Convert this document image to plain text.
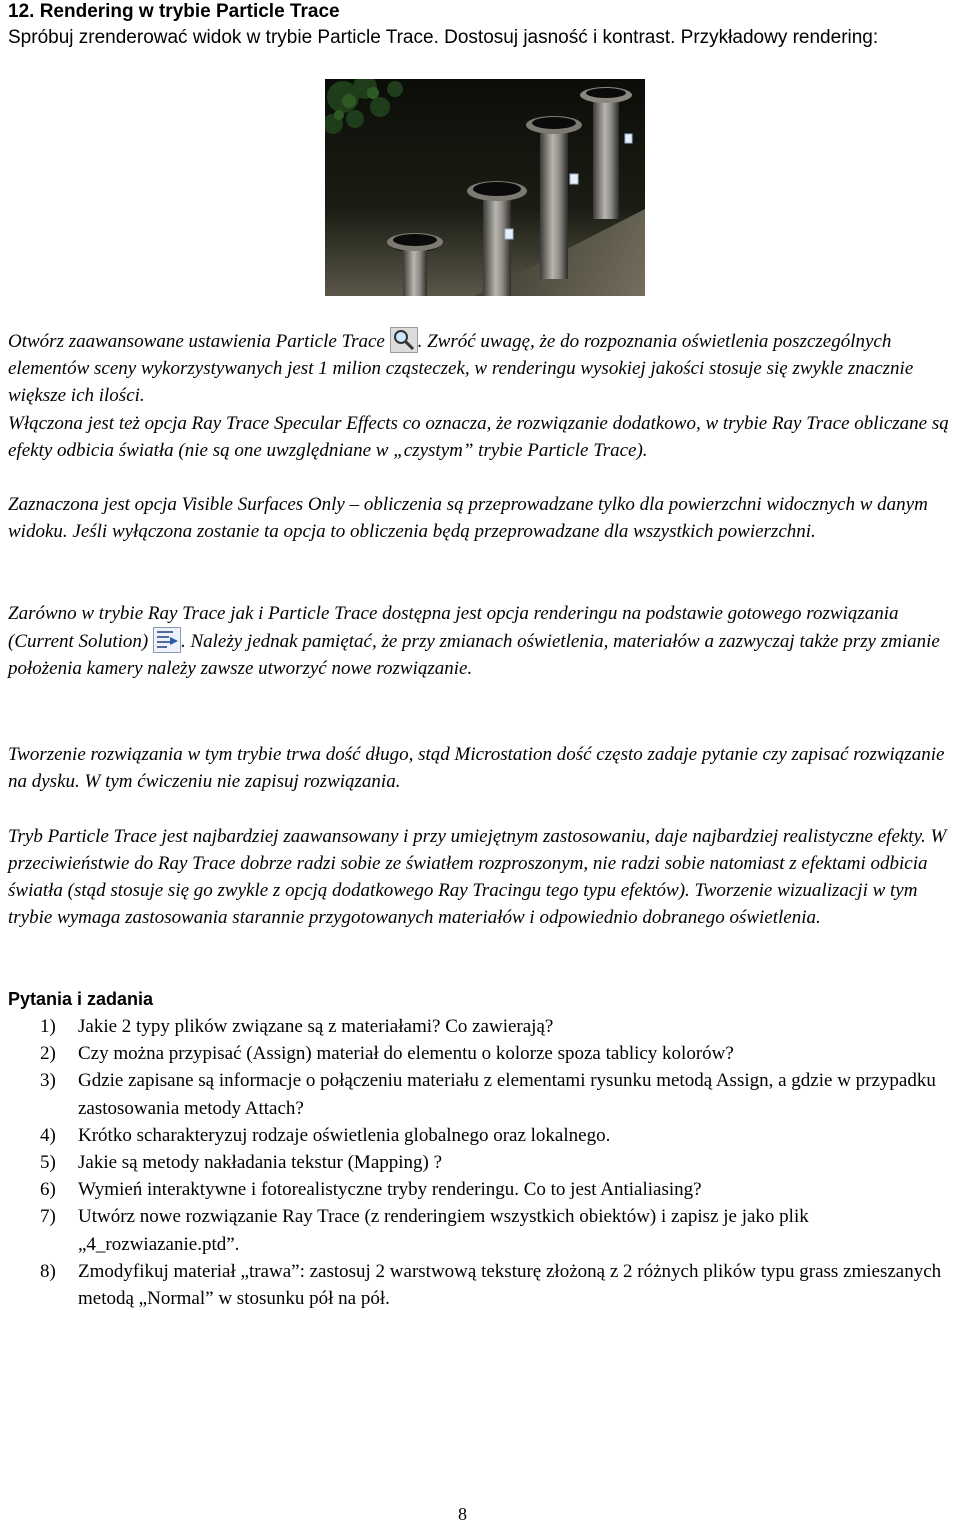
12. Rendering w trybie Particle Trace
Spróbuj zrenderować widok w trybie Particle Trace. Dostosuj jasność i kontrast. Przykładowy rendering:
Otwórz zaawansowane ustawienia Particle Trace . Zwróć uwagę, że do rozpoznania oświetlenia poszczególnych elementów sceny wykorzystywanych jest 1 milion cząsteczek, w renderingu wysokiej jakości stosuje się zwykle znacznie większe ich ilości.
Włączona jest też opcja Ray Trace Specular Effects co oznacza, że rozwiązanie dodatkowo, w trybie Ray Trace obliczane są efekty odbicia światła (nie są one uwzględniane w „czystym” trybie Particle Trace).
Zaznaczona jest opcja Visible Surfaces Only – obliczenia są przeprowadzane tylko dla powierzchni widocznych w danym widoku. Jeśli wyłączona zostanie ta opcja to obliczenia będą przeprowadzane dla wszystkich powierzchni.
Zarówno w trybie Ray Trace jak i Particle Trace dostępna jest opcja renderingu na podstawie gotowego rozwiązania (Current Solution) . Należy jednak pamiętać, że przy zmianach oświetlenia, materiałów a zazwyczaj także przy zmianie położenia kamery należy zawsze utworzyć nowe rozwiązanie.
Tworzenie rozwiązania w tym trybie trwa dość długo, stąd Microstation dość często zadaje pytanie czy zapisać rozwiązanie na dysku. W tym ćwiczeniu nie zapisuj rozwiązania.
Tryb Particle Trace jest najbardziej zaawansowany i przy umiejętnym zastosowaniu, daje najbardziej realistyczne efekty. W przeciwieństwie do Ray Trace dobrze radzi sobie ze światłem rozproszonym, nie radzi sobie natomiast z efektami odbicia światła (stąd stosuje się go zwykle z opcją dodatkowego Ray Tracingu tego typu efektów). Tworzenie wizualizacji w tym trybie wymaga zastosowania starannie przygotowanych materiałów i odpowiednio dobranego oświetlenia.
Pytania i zadania
1) Jakie 2 typy plików związane są z materiałami? Co zawierają?
2) Czy można przypisać (Assign) materiał do elementu o kolorze spoza tablicy kolorów?
3) Gdzie zapisane są informacje o połączeniu materiału z elementami rysunku metodą Assign, a gdzie w przypadku zastosowania metody Attach?
4) Krótko scharakteryzuj rodzaje oświetlenia globalnego oraz lokalnego.
5) Jakie są metody nakładania tekstur (Mapping) ?
6) Wymień interaktywne i fotorealistyczne tryby renderingu. Co to jest Antialiasing?
7) Utwórz nowe rozwiązanie Ray Trace (z renderingiem wszystkich obiektów) i zapisz je jako plik „4_rozwiazanie.ptd”.
8) Zmodyfikuj materiał „trawa”: zastosuj 2 warstwową teksturę złożoną z 2 różnych plików typu grass zmieszanych metodą „Normal” w stosunku pół na pół.
8
